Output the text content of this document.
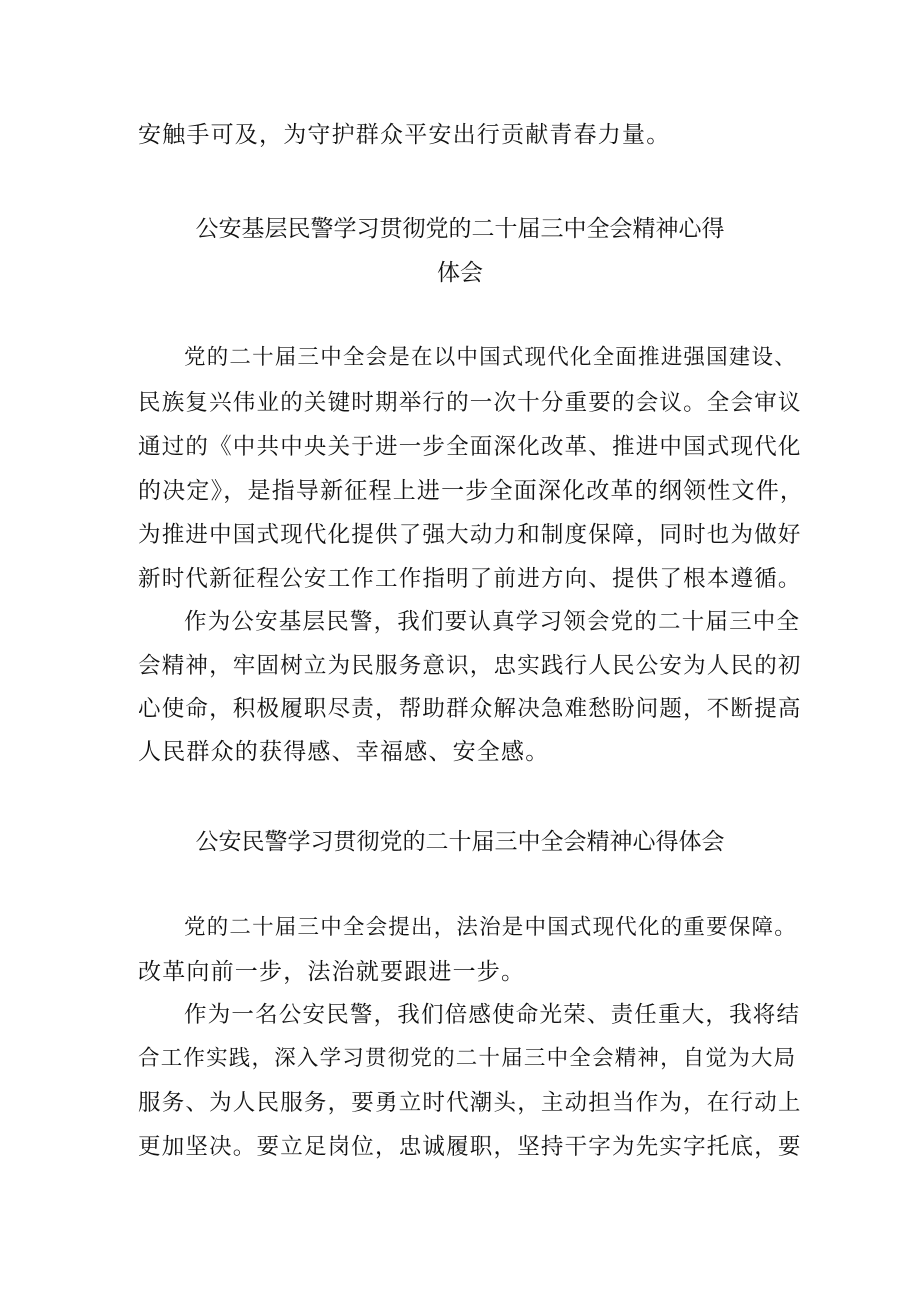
安触手可及，为守护群众平安出行贡献青春力量。
公安基层民警学习贯彻党的二十届三中全会精神心得
体会
党的二十届三中全会是在以中国式现代化全面推进强国建设、
民族复兴伟业的关键时期举行的一次十分重要的会议。全会审议
通过的《中共中央关于进一步全面深化改革、推进中国式现代化
的决定》，是指导新征程上进一步全面深化改革的纲领性文件，
为推进中国式现代化提供了强大动力和制度保障，同时也为做好
新时代新征程公安工作工作指明了前进方向、提供了根本遵循。
作为公安基层民警，我们要认真学习领会党的二十届三中全
会精神，牢固树立为民服务意识，忠实践行人民公安为人民的初
心使命，积极履职尽责，帮助群众解决急难愁盼问题，不断提高
人民群众的获得感、幸福感、安全感。
公安民警学习贯彻党的二十届三中全会精神心得体会
党的二十届三中全会提出，法治是中国式现代化的重要保障。
改革向前一步，法治就要跟进一步。
作为一名公安民警，我们倍感使命光荣、责任重大，我将结
合工作实践，深入学习贯彻党的二十届三中全会精神，自觉为大局
服务、为人民服务，要勇立时代潮头，主动担当作为，在行动上
更加坚决。要立足岗位，忠诚履职，坚持干字为先实字托底，要
